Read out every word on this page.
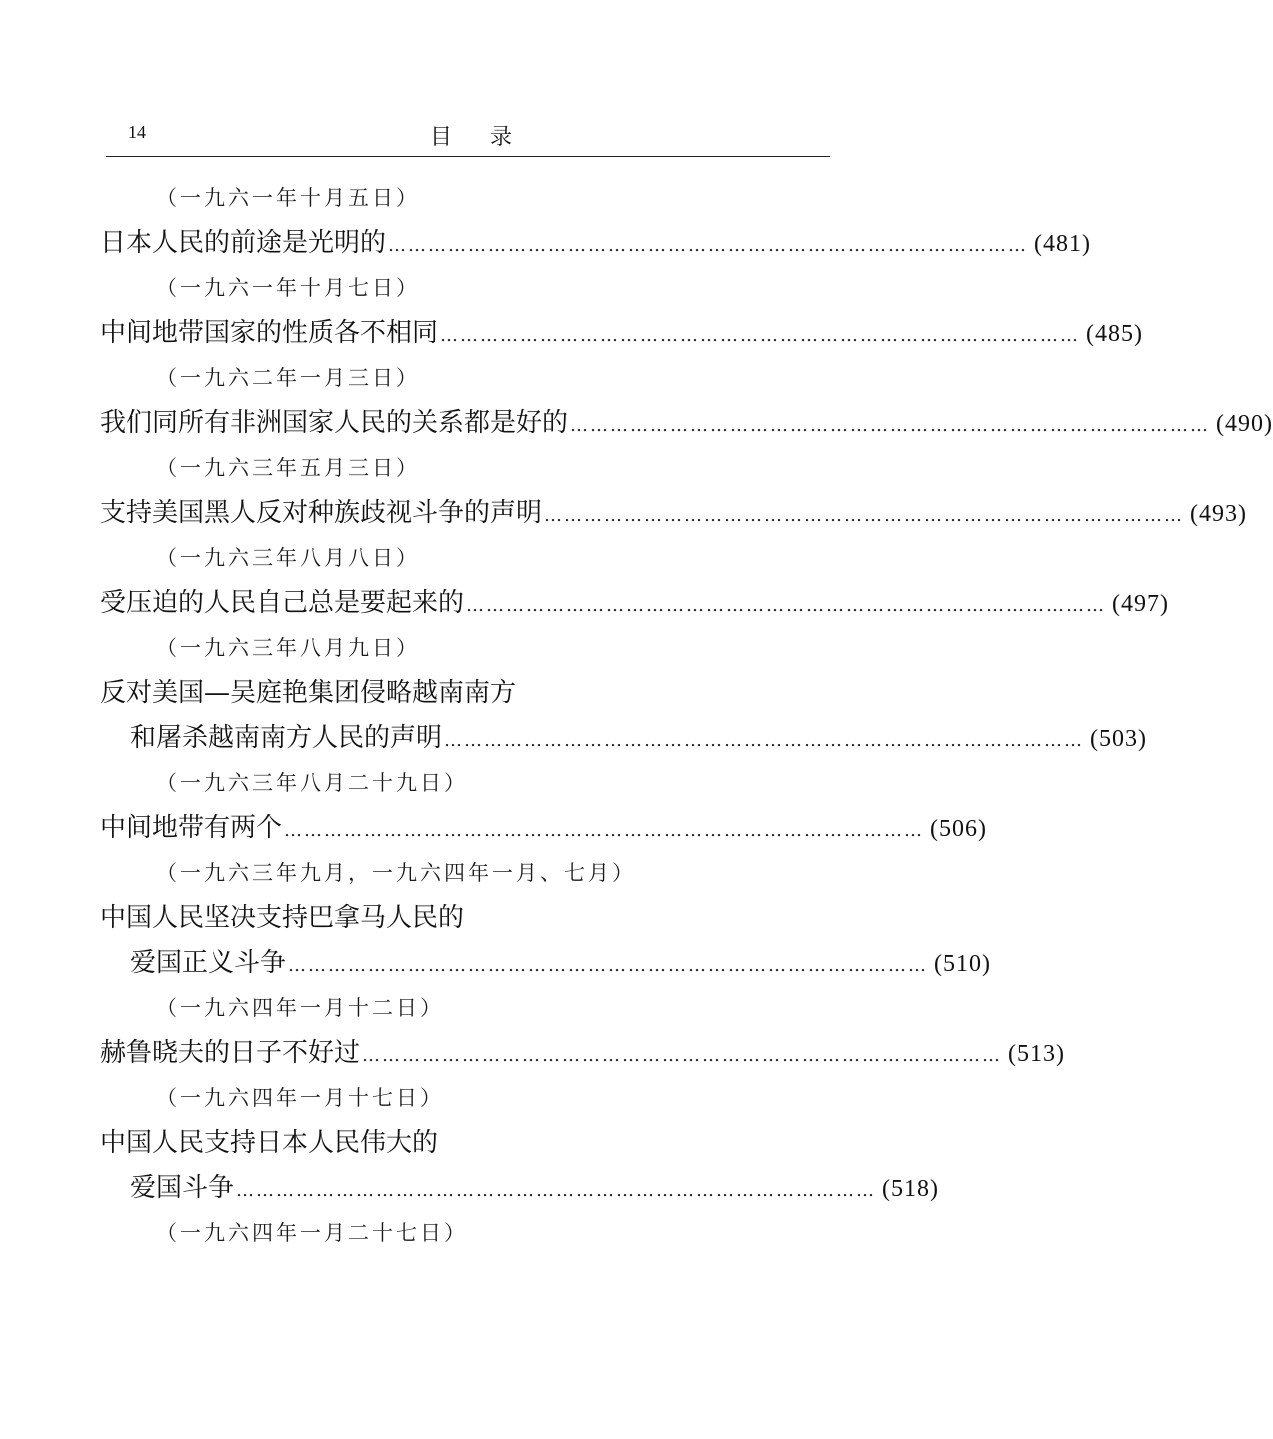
14	目录
（一九六一年十月五日）
日本人民的前途是光明的 …………………………………………………………………………………… (481)
（一九六一年十月七日）
中间地带国家的性质各不相同 …………………………………………………………………………………… (485)
（一九六二年一月三日）
我们同所有非洲国家人民的关系都是好的 …………………………………………………………………………………… (490)
（一九六三年五月三日）
支持美国黑人反对种族歧视斗争的声明 …………………………………………………………………………………… (493)
（一九六三年八月八日）
受压迫的人民自己总是要起来的 …………………………………………………………………………………… (497)
（一九六三年八月九日）
反对美国—吴庭艳集团侵略越南南方
和屠杀越南南方人民的声明 …………………………………………………………………………………… (503)
（一九六三年八月二十九日）
中间地带有两个 …………………………………………………………………………………… (506)
（一九六三年九月，一九六四年一月、七月）
中国人民坚决支持巴拿马人民的
爱国正义斗争 …………………………………………………………………………………… (510)
（一九六四年一月十二日）
赫鲁晓夫的日子不好过 …………………………………………………………………………………… (513)
（一九六四年一月十七日）
中国人民支持日本人民伟大的
爱国斗争 …………………………………………………………………………………… (518)
（一九六四年一月二十七日）
